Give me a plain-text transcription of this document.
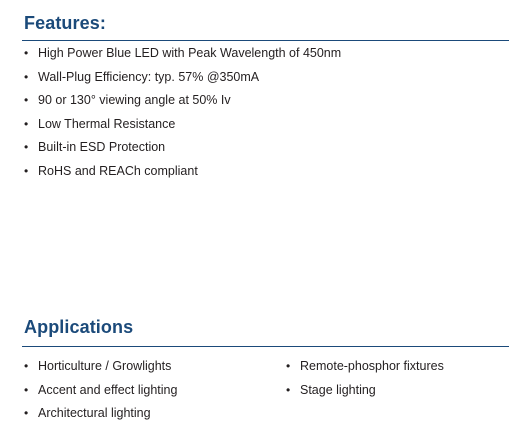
Features:
• High Power Blue LED with Peak Wavelength of 450nm
• Wall-Plug Efficiency: typ. 57% @350mA
• 90 or 130° viewing angle at 50% Iv
• Low Thermal Resistance
• Built-in ESD Protection
• RoHS and REACh compliant
Applications
• Horticulture / Growlights
• Accent and effect lighting
• Architectural lighting
• Remote-phosphor fixtures
• Stage lighting
